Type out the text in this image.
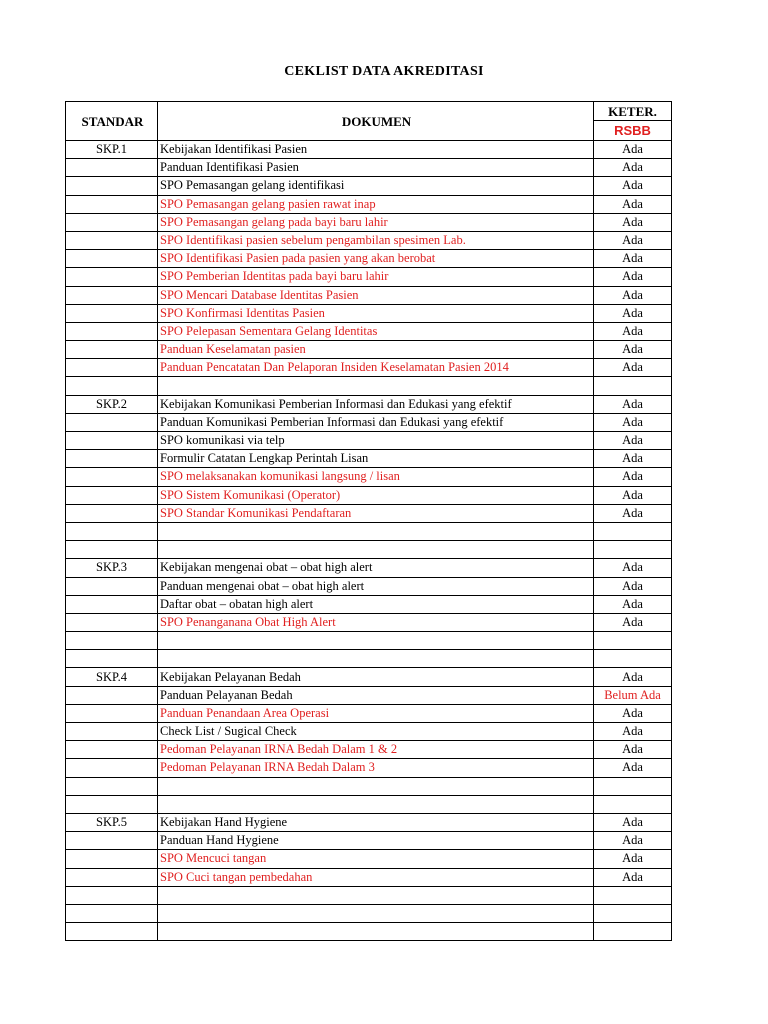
CEKLIST DATA AKREDITASI
STANDAR	DOKUMEN	KETER.
		RSBB
SKP.1	Kebijakan Identifikasi Pasien	Ada
	Panduan Identifikasi Pasien	Ada
	SPO Pemasangan gelang identifikasi	Ada
	SPO Pemasangan gelang pasien rawat inap	Ada
	SPO Pemasangan gelang pada bayi baru lahir	Ada
	SPO Identifikasi pasien sebelum pengambilan spesimen Lab.	Ada
	SPO Identifikasi Pasien pada pasien yang akan berobat	Ada
	SPO Pemberian Identitas pada bayi baru lahir	Ada
	SPO Mencari Database Identitas Pasien	Ada
	SPO Konfirmasi Identitas Pasien	Ada
	SPO Pelepasan Sementara Gelang Identitas	Ada
	Panduan Keselamatan pasien	Ada
	Panduan Pencatatan Dan Pelaporan Insiden Keselamatan Pasien 2014	Ada

SKP.2	Kebijakan Komunikasi Pemberian Informasi dan Edukasi yang efektif	Ada
	Panduan Komunikasi Pemberian Informasi dan Edukasi yang efektif	Ada
	SPO komunikasi via telp	Ada
	Formulir Catatan Lengkap Perintah Lisan	Ada
	SPO melaksanakan komunikasi langsung / lisan	Ada
	SPO Sistem Komunikasi (Operator)	Ada
	SPO Standar Komunikasi Pendaftaran	Ada

SKP.3	Kebijakan mengenai obat – obat high alert	Ada
	Panduan mengenai obat – obat high alert	Ada
	Daftar obat – obatan high alert	Ada
	SPO Penanganana Obat High Alert	Ada

SKP.4	Kebijakan Pelayanan Bedah	Ada
	Panduan Pelayanan Bedah	Belum Ada
	Panduan Penandaan Area Operasi	Ada
	Check List / Sugical Check	Ada
	Pedoman Pelayanan IRNA Bedah Dalam 1 & 2	Ada
	Pedoman Pelayanan IRNA Bedah Dalam 3	Ada

SKP.5	Kebijakan Hand Hygiene	Ada
	Panduan Hand Hygiene	Ada
	SPO Mencuci tangan	Ada
	SPO Cuci tangan pembedahan	Ada
